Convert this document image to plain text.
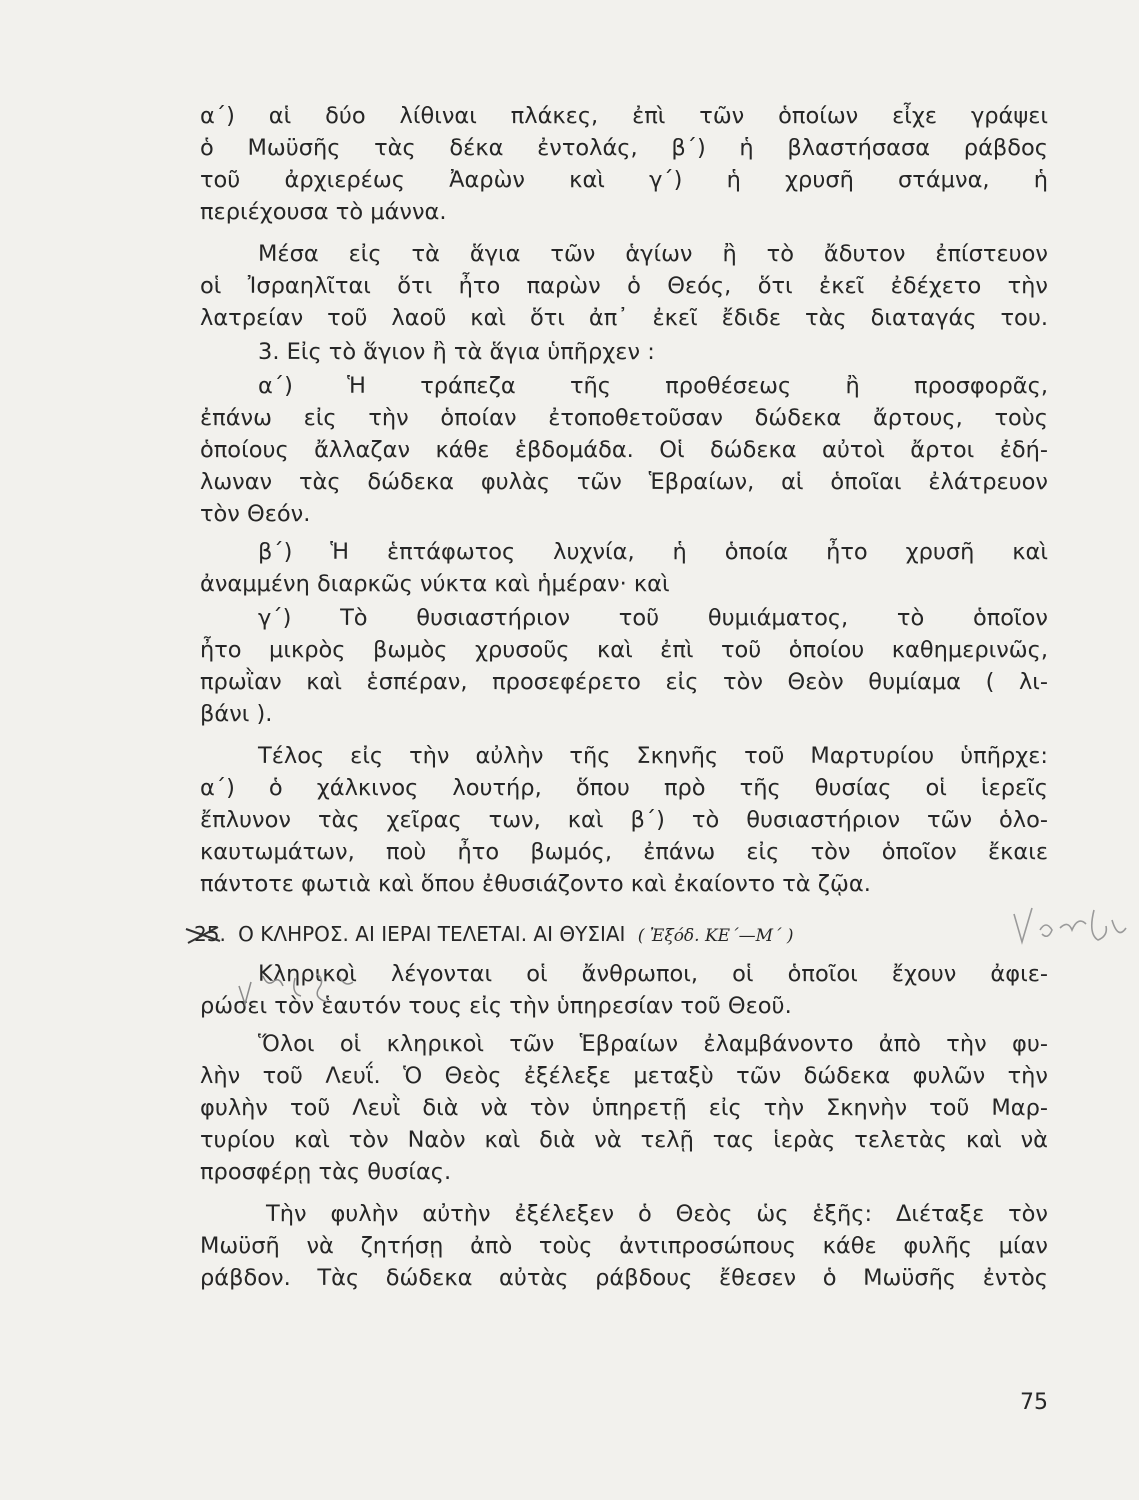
α΄) αἱ δύο λίθιναι πλάκες, ἐπὶ τῶν ὁποίων εἶχε γράψει
ὁ Μωϋσῆς τὰς δέκα ἐντολάς, β΄) ἡ βλαστήσασα ράβδος
τοῦ ἀρχιερέως Ἀαρὼν καὶ γ΄) ἡ χρυσῆ στάμνα, ἡ
περιέχουσα τὸ μάννα.
Μέσα εἰς τὰ ἅγια τῶν ἁγίων ἢ τὸ ἄδυτον ἐπίστευον
οἱ Ἰσραηλῖται ὅτι ἦτο παρὼν ὁ Θεός, ὅτι ἐκεῖ ἐδέχετο τὴν
λατρείαν τοῦ λαοῦ καὶ ὅτι ἀπ᾽ ἐκεῖ ἔδιδε τὰς διαταγάς του.
3. Εἰς τὸ ἅγιον ἢ τὰ ἅγια ὑπῆρχεν :
α΄) Ἡ τράπεζα τῆς προθέσεως ἢ προσφορᾶς,
ἐπάνω εἰς τὴν ὁποίαν ἐτοποθετοῦσαν δώδεκα ἄρτους, τοὺς
ὁποίους ἄλλαζαν κάθε ἑβδομάδα. Οἱ δώδεκα αὐτοὶ ἄρτοι ἐδή-
λωναν τὰς δώδεκα φυλὰς τῶν Ἑβραίων, αἱ ὁποῖαι ἐλάτρευον
τὸν Θεόν.
β΄) Ἡ ἑπτάφωτος λυχνία, ἡ ὁποία ἦτο χρυσῆ καὶ
ἀναμμένη διαρκῶς νύκτα καὶ ἡμέραν· καὶ
γ΄) Τὸ θυσιαστήριον τοῦ θυμιάματος, τὸ ὁποῖον
ἦτο μικρὸς βωμὸς χρυσοῦς καὶ ἐπὶ τοῦ ὁποίου καθημερινῶς,
πρωῒαν καὶ ἑσπέραν, προσεφέρετο εἰς τὸν Θεὸν θυμίαμα ( λι-
βάνι ).
Τέλος εἰς τὴν αὐλὴν τῆς Σκηνῆς τοῦ Μαρτυρίου ὑπῆρχε:
α΄) ὁ χάλκινος λουτήρ, ὅπου πρὸ τῆς θυσίας οἱ ἱερεῖς
ἔπλυνον τὰς χεῖρας των, καὶ β΄) τὸ θυσιαστήριον τῶν ὁλο-
καυτωμάτων, ποὺ ἦτο βωμός, ἐπάνω εἰς τὸν ὁποῖον ἔκαιε
πάντοτε φωτιὰ καὶ ὅπου ἐθυσιάζοντο καὶ ἐκαίοντο τὰ ζῷα.
25. Ο ΚΛΗΡΟΣ. ΑΙ ΙΕΡΑΙ ΤΕΛΕΤΑΙ. ΑΙ ΘΥΣΙΑΙ ( Ἐξόδ. ΚΕ΄—Μ΄ )
Κληρικοὶ λέγονται οἱ ἄνθρωποι, οἱ ὁποῖοι ἔχουν ἀφιε-
ρώσει τὸν ἑαυτόν τους εἰς τὴν ὑπηρεσίαν τοῦ Θεοῦ.
Ὅλοι οἱ κληρικοὶ τῶν Ἑβραίων ἐλαμβάνοντο ἀπὸ τὴν φυ-
λὴν τοῦ Λευΐ. Ὁ Θεὸς ἐξέλεξε μεταξὺ τῶν δώδεκα φυλῶν τὴν
φυλὴν τοῦ Λευῒ διὰ νὰ τὸν ὑπηρετῇ εἰς τὴν Σκηνὴν τοῦ Μαρ-
τυρίου καὶ τὸν Ναὸν καὶ διὰ νὰ τελῇ τας ἱερὰς τελετὰς καὶ νὰ
προσφέρῃ τὰς θυσίας.
Τὴν φυλὴν αὐτὴν ἐξέλεξεν ὁ Θεὸς ὡς ἑξῆς: Διέταξε τὸν
Μωϋσῆ νὰ ζητήσῃ ἀπὸ τοὺς ἀντιπροσώπους κάθε φυλῆς μίαν
ράβδον. Τὰς δώδεκα αὐτὰς ράβδους ἔθεσεν ὁ Μωϋσῆς ἐντὸς
75
